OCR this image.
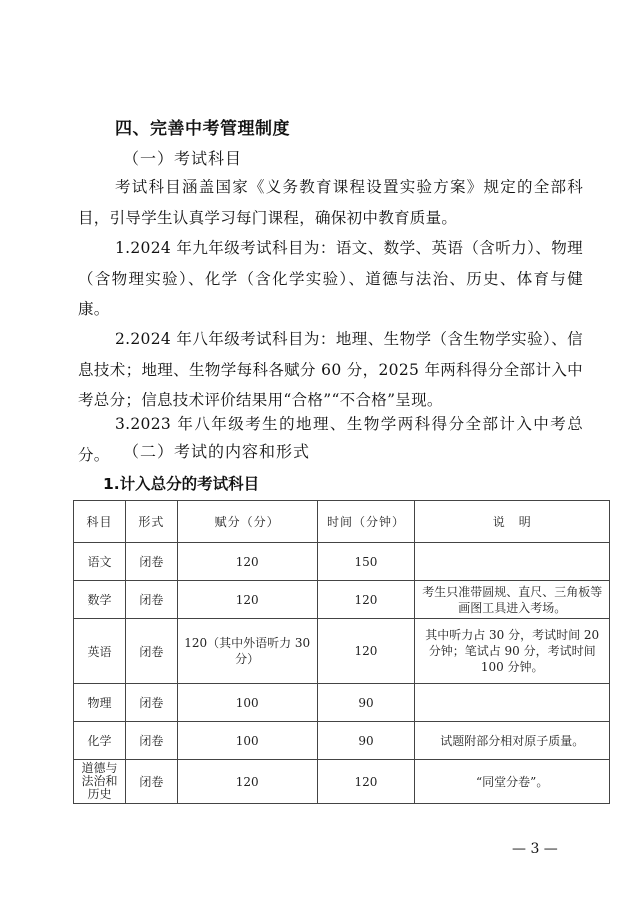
四、完善中考管理制度
（一）考试科目
考试科目涵盖国家《义务教育课程设置实验方案》规定的全部科目，引导学生认真学习每门课程，确保初中教育质量。
1.2024 年九年级考试科目为：语文、数学、英语（含听力）、物理（含物理实验）、化学（含化学实验）、道德与法治、历史、体育与健康。
2.2024 年八年级考试科目为：地理、生物学（含生物学实验）、信息技术；地理、生物学每科各赋分 60 分，2025 年两科得分全部计入中考总分；信息技术评价结果用“合格”“不合格”呈现。
3.2023 年八年级考生的地理、生物学两科得分全部计入中考总分。 （二）考试的内容和形式
1.计入总分的考试科目
科目	形式	赋分（分）	时间（分钟）	说　明
语文	闭卷	120	150	
数学	闭卷	120	120	考生只准带圆规、直尺、三角板等画图工具进入考场。
英语	闭卷	120（其中外语听力 30 分）	120	其中听力占 30 分，考试时间 20 分钟；笔试占 90 分，考试时间 100 分钟。
物理	闭卷	100	90	
化学	闭卷	100	90	试题附部分相对原子质量。
道德与法治和历史	闭卷	120	120	“同堂分卷”。
— 3 —
